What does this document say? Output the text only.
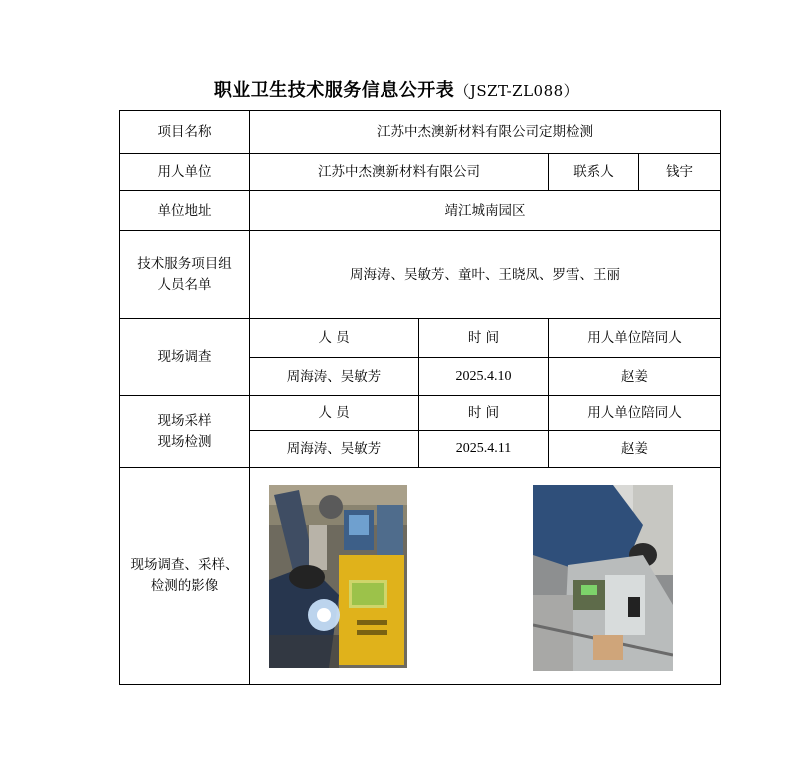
职业卫生技术服务信息公开表（JSZT-ZL088）
项目名称	江苏中杰澳新材料有限公司定期检测			
用人单位	江苏中杰澳新材料有限公司		联系人	钱宇
单位地址	靖江城南园区			

技术服务项目组
人员名单	周海涛、吴敏芳、童叶、王晓凤、罗雪、王丽			
现场调查	人 员	时 间	用人单位陪同人	
	周海涛、吴敏芳	2025.4.10	赵姜	

现场采样
现场检测	人 员	时 间	用人单位陪同人	
	周海涛、吴敏芳	2025.4.11	赵姜	

现场调查、采样、
检测的影像
